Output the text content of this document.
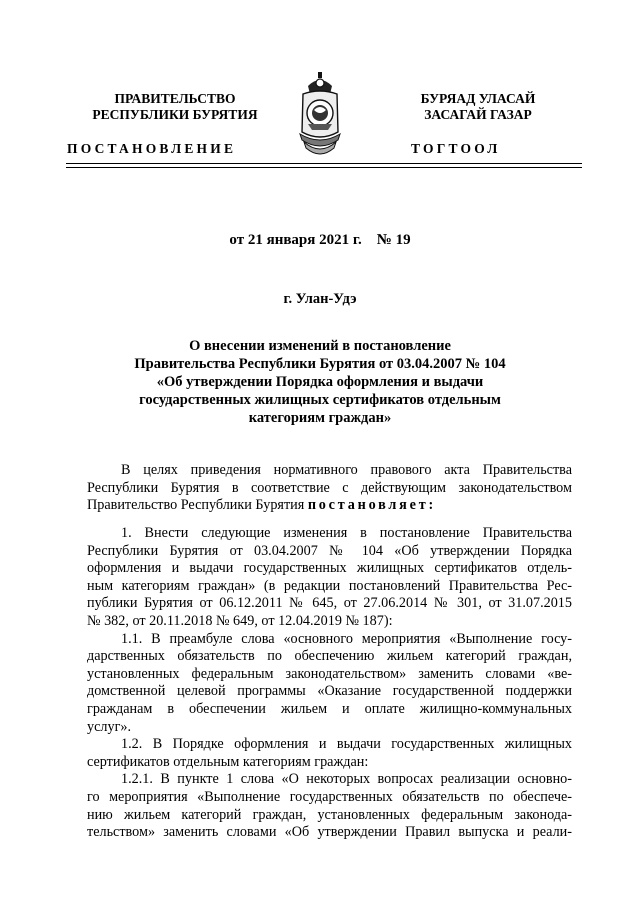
ПРАВИТЕЛЬСТВО
РЕСПУБЛИКИ БУРЯТИЯ
БУРЯАД УЛАСАЙ
ЗАСАГАЙ ГАЗАР
ПОСТАНОВЛЕНИЕ	ТОГТООЛ
от 21 января 2021 г.    № 19
г. Улан-Удэ
О внесении изменений в постановление
Правительства Республики Бурятия от 03.04.2007 № 104
«Об утверждении Порядка оформления и выдачи
государственных жилищных сертификатов отдельным
категориям граждан»
В целях приведения нормативного правового акта Правительства
Республики Бурятия в соответствие с действующим законодательством
Правительство Республики Бурятия постановляет:
1. Внести следующие изменения в постановление Правительства
Республики Бурятия от 03.04.2007 № 104 «Об утверждении Порядка
оформления и выдачи государственных жилищных сертификатов отдель-
ным категориям граждан» (в редакции постановлений Правительства Рес-
публики Бурятия от 06.12.2011 № 645, от 27.06.2014 № 301, от 31.07.2015
№ 382, от 20.11.2018 № 649, от 12.04.2019 № 187):
1.1. В преамбуле слова «основного мероприятия «Выполнение госу-
дарственных обязательств по обеспечению жильем категорий граждан,
установленных федеральным законодательством» заменить словами «ве-
домственной целевой программы «Оказание государственной поддержки
гражданам в обеспечении жильем и оплате жилищно-коммунальных
услуг».
1.2. В Порядке оформления и выдачи государственных жилищных
сертификатов отдельным категориям граждан:
1.2.1. В пункте 1 слова «О некоторых вопросах реализации основно-
го мероприятия «Выполнение государственных обязательств по обеспече-
нию жильем категорий граждан, установленных федеральным законода-
тельством» заменить словами «Об утверждении Правил выпуска и реали-
